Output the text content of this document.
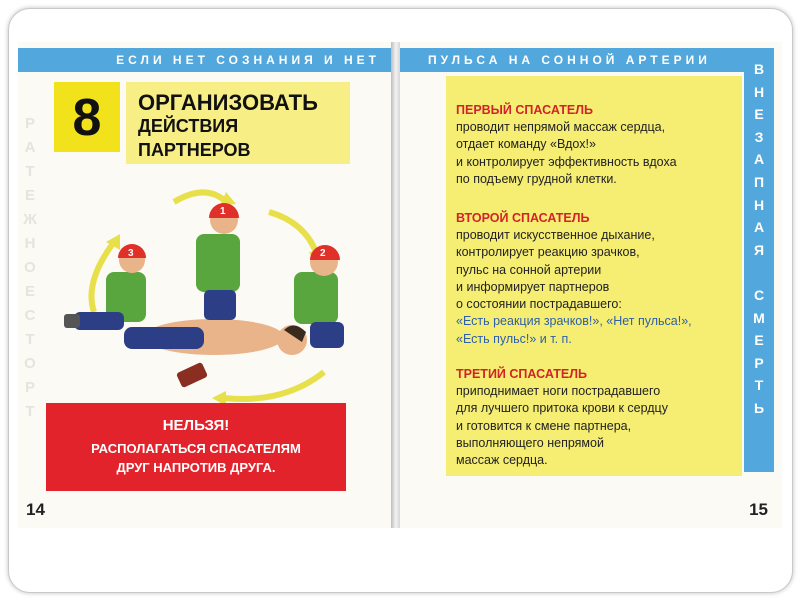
ЕСЛИ НЕТ СОЗНАНИЯ И НЕТ
Р
А
Т
Е
Ж
Н
О
Е
С
Т
О
Р
Т
8	ОРГАНИЗОВАТЬ
ДЕЙСТВИЯ
ПАРТНЕРОВ
3
1
2
НЕЛЬЗЯ!
РАСПОЛАГАТЬСЯ СПАСАТЕЛЯМ
ДРУГ НАПРОТИВ ДРУГА.
14
ПУЛЬСА НА СОННОЙ АРТЕРИИ
В
Н
Е
З
А
П
Н
А
Я

С
М
Е
Р
Т
Ь
ПЕРВЫЙ СПАСАТЕЛЬ
проводит непрямой массаж сердца,
отдает команду «Вдох!»
и контролирует эффективность вдоха
по подъему грудной клетки.
ВТОРОЙ СПАСАТЕЛЬ
проводит искусственное дыхание,
контролирует реакцию зрачков,
пульс на сонной артерии
и информирует партнеров
о состоянии пострадавшего:
«Есть реакция зрачков!», «Нет пульса!»,
«Есть пульс!» и т. п.
ТРЕТИЙ СПАСАТЕЛЬ
приподнимает ноги пострадавшего
для лучшего притока крови к сердцу
и готовится к смене партнера,
выполняющего непрямой
массаж сердца.
15
